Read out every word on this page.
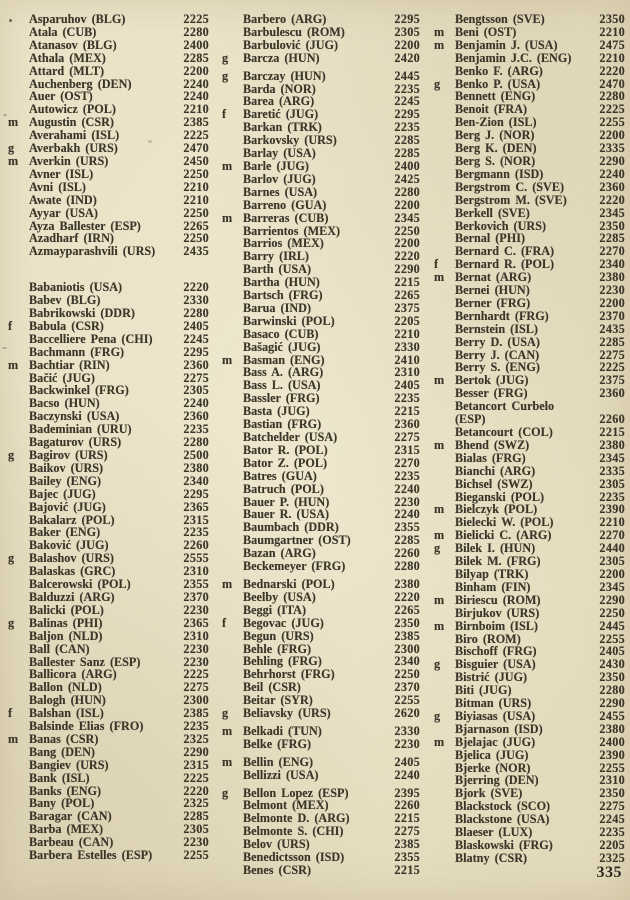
Asparuhov (BLG)	2225
Atala (CUB)	2280
Atanasov (BLG)	2400
Athala (MEX)	2285
Attard (MLT)	2200
Auchenberg (DEN)	2240
Auer (OST)	2240
Autowicz (POL)	2210
m Augustin (CSR)	2385
Averahami (ISL)	2225
g	Averbakh (URS)	2470
m Averkin (URS)	2450
Avner (ISL)	2250
Avni (ISL)	2210
Awate (IND)	2210
Ayyar (USA)	2250
Ayza Ballester (ESP)	2265
Azadharf (IRN)	2250
Azmayparashvili (URS)	2435
Babaniotis (USA)	2220
Babev (BLG)	2330
Babrikowski (DDR)	2280
f	Babula (CSR)	2405
Baccelliere Pena (CHI)	2245
Bachmann (FRG)	2295
m Bachtiar (RIN)	2360
Bačić (JUG)	2275
Backwinkel (FRG)	2305
Bacso (HUN)	2240
Baczynski (USA)	2360
Bademinian (URU)	2235
Bagaturov (URS)	2280
g	Bagirov (URS)	2500
Baikov (URS)	2380
Bailey (ENG)	2340
Bajec (JUG)	2295
Bajović (JUG)	2365
Bakalarz (POL)	2315
Baker (ENG)	2235
Baković (JUG)	2260
g	Balashov (URS)	2555
Balaskas (GRC)	2310
Balcerowski (POL)	2355
Balduzzi (ARG)	2370
Balicki (POL)	2230
g	Balinas (PHI)	2365
Baljon (NLD)	2310
Ball (CAN)	2230
Ballester Sanz (ESP)	2230
Ballicora (ARG)	2225
Ballon (NLD)	2275
Balogh (HUN)	2300
f	Balshan (ISL)	2385
Balsinde Elias (FRO)	2235
m Banas (CSR)	2325
Bang (DEN)	2290
Bangiev (URS)	2315
Bank (ISL)	2225
Banks (ENG)	2220
Bany (POL)	2325
Baragar (CAN)	2285
Barba (MEX)	2305
Barbeau (CAN)	2230
Barbera Estelles (ESP)	2255
Barbero (ARG)	2295
Barbulescu (ROM)	2305
Barbulović (JUG)	2200
g	Barcza (HUN)	2420
g	Barczay (HUN)	2445
Barda (NOR)	2235
Barea (ARG)	2245
f	Baretić (JUG)	2295
Barkan (TRK)	2235
Barkovsky (URS)	2285
Barlay (USA)	2285
m Barle (JUG)	2400
Barlov (JUG)	2425
Barnes (USA)	2280
Barreno (GUA)	2200
m Barreras (CUB)	2345
Barrientos (MEX)	2250
Barrios (MEX)	2200
Barry (IRL)	2220
Barth (USA)	2290
Bartha (HUN)	2215
Bartsch (FRG)	2265
Barua (IND)	2375
Barwinski (POL)	2205
Basaco (CUB)	2210
Bašagić (JUG)	2330
m Basman (ENG)	2410
Bass A. (ARG)	2310
Bass L. (USA)	2405
Bassler (FRG)	2235
Basta (JUG)	2215
Bastian (FRG)	2360
Batchelder (USA)	2275
Bator R. (POL)	2315
Bator Z. (POL)	2270
Batres (GUA)	2235
Batruch (POL)	2240
Bauer P. (HUN)	2230
Bauer R. (USA)	2240
Baumbach (DDR)	2355
Baumgartner (OST)	2285
Bazan (ARG)	2260
Beckemeyer (FRG)	2280
m Bednarski (POL)	2380
Beelby (USA)	2220
Beggi (ITA)	2265
f	Begovac (JUG)	2350
Begun (URS)	2385
Behle (FRG)	2300
Behling (FRG)	2340
Behrhorst (FRG)	2250
Beil (CSR)	2370
Beitar (SYR)	2255
g	Beliavsky (URS)	2620
m Belkadi (TUN)	2330
Belke (FRG)	2230
m Bellin (ENG)	2405
Bellizzi (USA)	2240
g	Bellon Lopez (ESP)	2395
Belmont (MEX)	2260
Belmonte D. (ARG)	2215
Belmonte S. (CHI)	2275
Belov (URS)	2385
Benedictsson (ISD)	2355
Benes (CSR)	2215
Bengtsson (SVE)	2350
m Beni (OST)	2210
m Benjamin J. (USA)	2475
Benjamin J.C. (ENG)	2210
Benko F. (ARG)	2220
g	Benko P. (USA)	2470
Bennett (ENG)	2280
Benoit (FRA)	2225
Ben-Zion (ISL)	2255
Berg J. (NOR)	2200
Berg K. (DEN)	2335
Berg S. (NOR)	2290
Bergmann (ISD)	2240
Bergstrom C. (SVE)	2360
Bergstrom M. (SVE)	2220
Berkell (SVE)	2345
Berkovich (URS)	2350
Bernal (PHI)	2285
Bernard C. (FRA)	2270
f	Bernard R. (POL)	2340
m Bernat (ARG)	2380
Bernei (HUN)	2230
Berner (FRG)	2200
Bernhardt (FRG)	2370
Bernstein (ISL)	2435
Berry D. (USA)	2285
Berry J. (CAN)	2275
Berry S. (ENG)	2225
m Bertok (JUG)	2375
Besser (FRG)	2360
Betancort Curbelo
(ESP)	2260
Betancourt (COL)	2215
m Bhend (SWZ)	2380
Bialas (FRG)	2345
Bianchi (ARG)	2335
Bichsel (SWZ)	2305
Bieganski (POL)	2235
m Bielczyk (POL)	2390
Bielecki W. (POL)	2210
m Bielicki C. (ARG)	2270
g	Bilek I. (HUN)	2440
Bilek M. (FRG)	2305
Bilyap (TRK)	2200
Binham (FIN)	2345
m Biriescu (ROM)	2290
Birjukov (URS)	2250
m Birnboim (ISL)	2445
Biro (ROM)	2255
Bischoff (FRG)	2405
g	Bisguier (USA)	2430
Bistrić (JUG)	2350
Biti (JUG)	2280
Bitman (URS)	2290
g	Biyiasas (USA)	2455
Bjarnason (ISD)	2380
m Bjelajac (JUG)	2400
Bjelica (JUG)	2390
Bjerke (NOR)	2255
Bjerring (DEN)	2310
Bjork (SVE)	2350
Blackstock (SCO)	2275
Blackstone (USA)	2245
Blaeser (LUX)	2235
Blaskowski (FRG)	2205
Blatny (CSR)	2325
335
